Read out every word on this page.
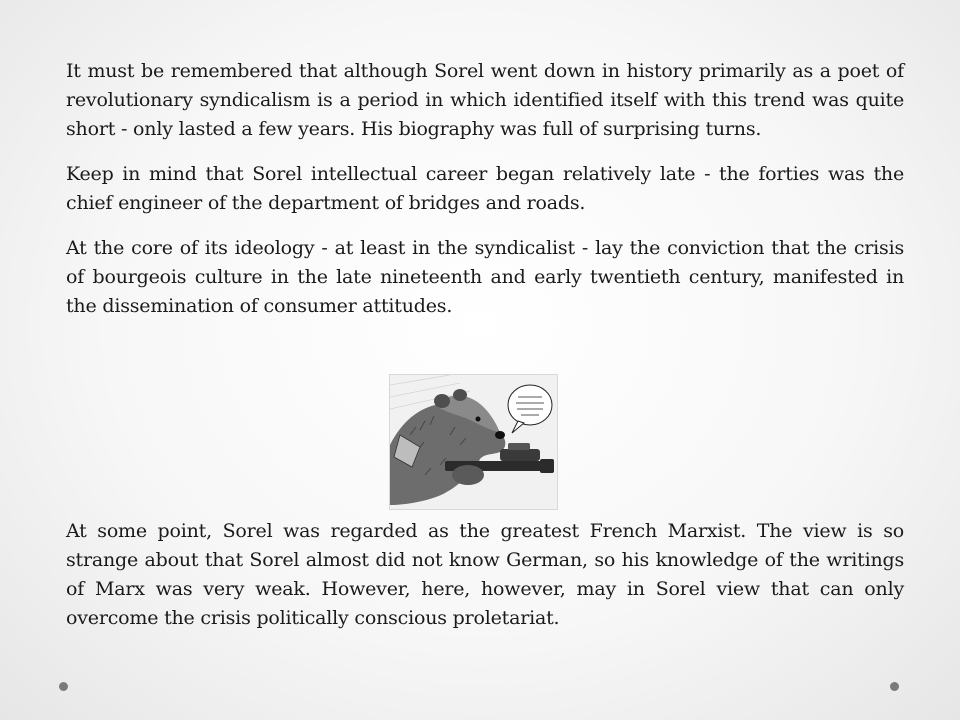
It must be remembered that although Sorel went down in history primarily as a poet of revolutionary syndicalism is a period in which identified itself with this trend was quite short - only lasted a few years. His biography was full of surprising turns.

Keep in mind that Sorel intellectual career began relatively late - the forties was the chief engineer of the department of bridges and roads.

At the core of its ideology - at least in the syndicalist - lay the conviction that the crisis of bourgeois culture in the late nineteenth and early twentieth century, manifested in the dissemination of consumer attitudes.

At some point, Sorel was regarded as the greatest French Marxist. The view is so strange about that Sorel almost did not know German, so his knowledge of the writings of Marx was very weak. However, here, however, may in Sorel view that can only overcome the crisis politically conscious proletariat.
